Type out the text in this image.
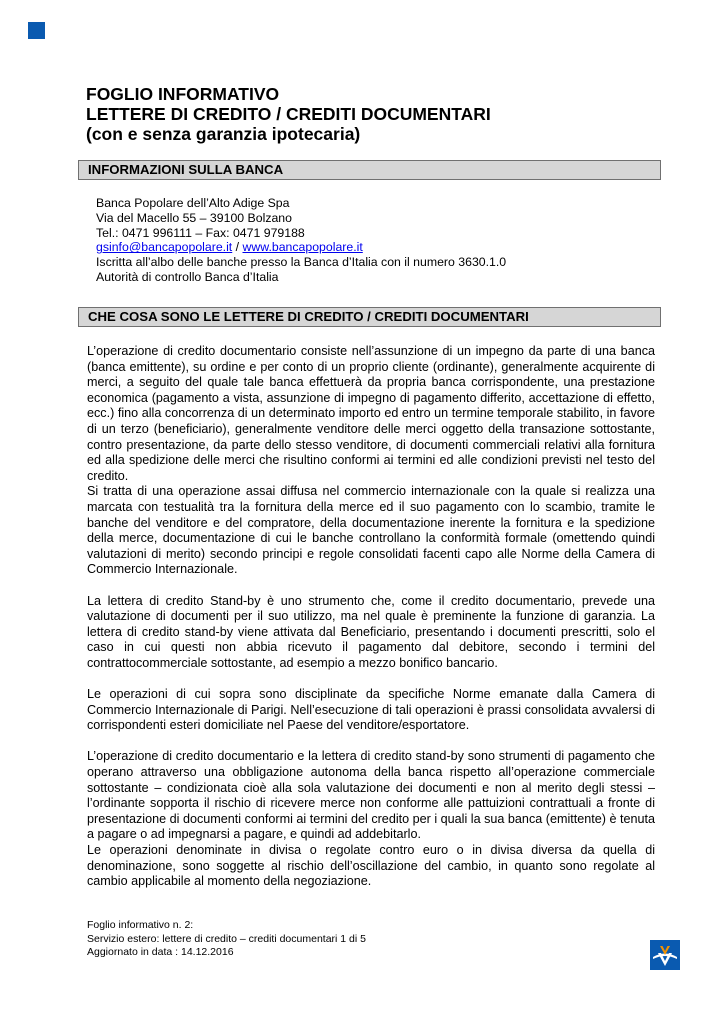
FOGLIO INFORMATIVO
LETTERE DI CREDITO / CREDITI DOCUMENTARI
(con e senza garanzia ipotecaria)
INFORMAZIONI SULLA BANCA
Banca Popolare dell’Alto Adige Spa
Via del Macello 55 – 39100 Bolzano
Tel.: 0471 996111 – Fax: 0471 979188
gsinfo@bancapopolare.it / www.bancapopolare.it
Iscritta all’albo delle banche presso la Banca d’Italia con il numero 3630.1.0
Autorità di controllo Banca d’Italia
CHE COSA SONO LE LETTERE DI CREDITO / CREDITI DOCUMENTARI

L’operazione di credito documentario consiste nell’assunzione di un impegno da parte di una banca (banca emittente), su ordine e per conto di un proprio cliente (ordinante), generalmente acquirente di merci, a seguito del quale tale banca effettuerà da propria banca corrispondente, una prestazione economica (pagamento a vista, assunzione di impegno di pagamento differito, accettazione di effetto, ecc.) fino alla concorrenza di un determinato importo ed entro un termine temporale stabilito, in favore di un terzo (beneficiario), generalmente venditore delle merci oggetto della transazione sottostante, contro presentazione, da parte dello stesso venditore, di documenti commerciali relativi alla fornitura ed alla spedizione delle merci che risultino conformi ai termini ed alle condizioni previsti nel testo del credito.

Si tratta di una operazione assai diffusa nel commercio internazionale con la quale si realizza una marcata con testualità tra la fornitura della merce ed il suo pagamento con lo scambio, tramite le banche del venditore e del compratore, della documentazione inerente la fornitura e la spedizione della merce, documentazione di cui le banche controllano la conformità formale (omettendo quindi valutazioni di merito) secondo principi e regole consolidati facenti capo alle Norme della Camera di Commercio Internazionale.

La lettera di credito Stand-by è uno strumento che, come il credito documentario, prevede una valutazione di documenti per il suo utilizzo, ma nel quale è preminente la funzione di garanzia. La lettera di credito stand-by viene attivata dal Beneficiario, presentando i documenti prescritti, solo el caso in cui questi non abbia ricevuto il pagamento dal debitore, secondo i termini del contrattocommerciale sottostante, ad esempio a mezzo bonifico bancario.

Le operazioni di cui sopra sono disciplinate da specifiche Norme emanate dalla Camera di Commercio Internazionale di Parigi. Nell’esecuzione di tali operazioni è prassi consolidata avvalersi di corrispondenti esteri domiciliate nel Paese del venditore/esportatore.

L’operazione di credito documentario e la lettera di credito stand-by sono strumenti di pagamento che operano attraverso una obbligazione autonoma della banca rispetto all’operazione commerciale sottostante – condizionata cioè alla sola valutazione dei documenti e non al merito degli stessi – l’ordinante sopporta il rischio di ricevere merce non conforme alle pattuizioni contrattuali a fronte di presentazione di documenti conformi ai termini del credito per i quali la sua banca (emittente) è tenuta a pagare o ad impegnarsi a pagare, e quindi ad addebitarlo.

Le operazioni denominate in divisa o regolate contro euro o in divisa diversa da quella di denominazione, sono soggette al rischio dell’oscillazione del cambio, in quanto sono regolate al cambio applicabile al momento della negoziazione.

Foglio informativo n. 2:
Servizio estero: lettere di credito – crediti documentari 1 di 5
Aggiornato in data : 14.12.2016
